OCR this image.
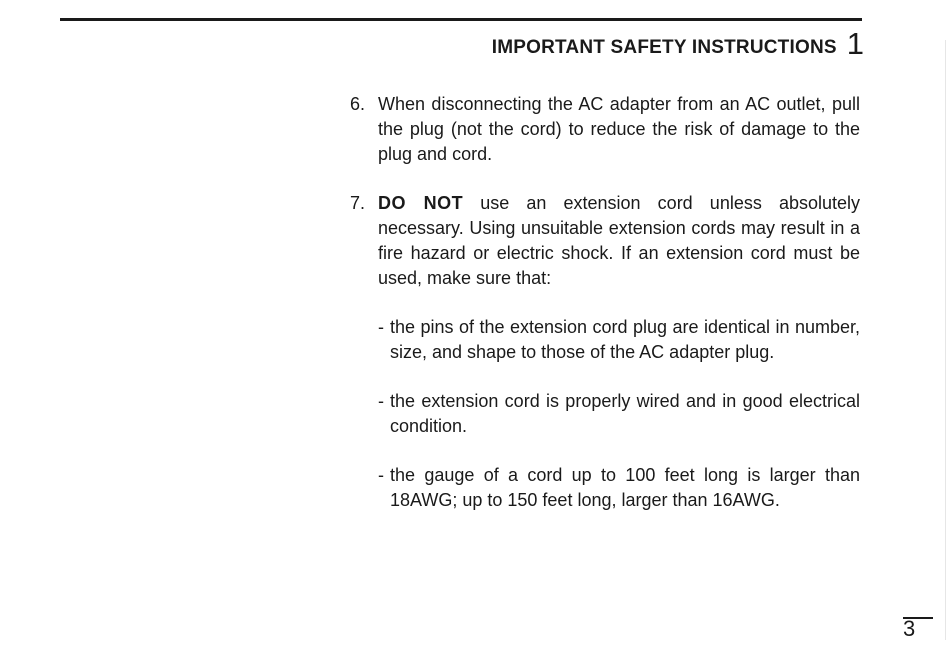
IMPORTANT SAFETY INSTRUCTIONS 1
6. When disconnecting the AC adapter from an AC outlet, pull the plug (not the cord) to reduce the risk of damage to the plug and cord.

7. DO NOT use an extension cord unless absolutely necessary. Using unsuitable extension cords may result in a fire hazard or electric shock. If an extension cord must be used, make sure that:

- the pins of the extension cord plug are identical in number, size, and shape to those of the AC adapter plug.

- the extension cord is properly wired and in good electrical condition.

- the gauge of a cord up to 100 feet long is larger than 18AWG; up to 150 feet long, larger than 16AWG.

3
